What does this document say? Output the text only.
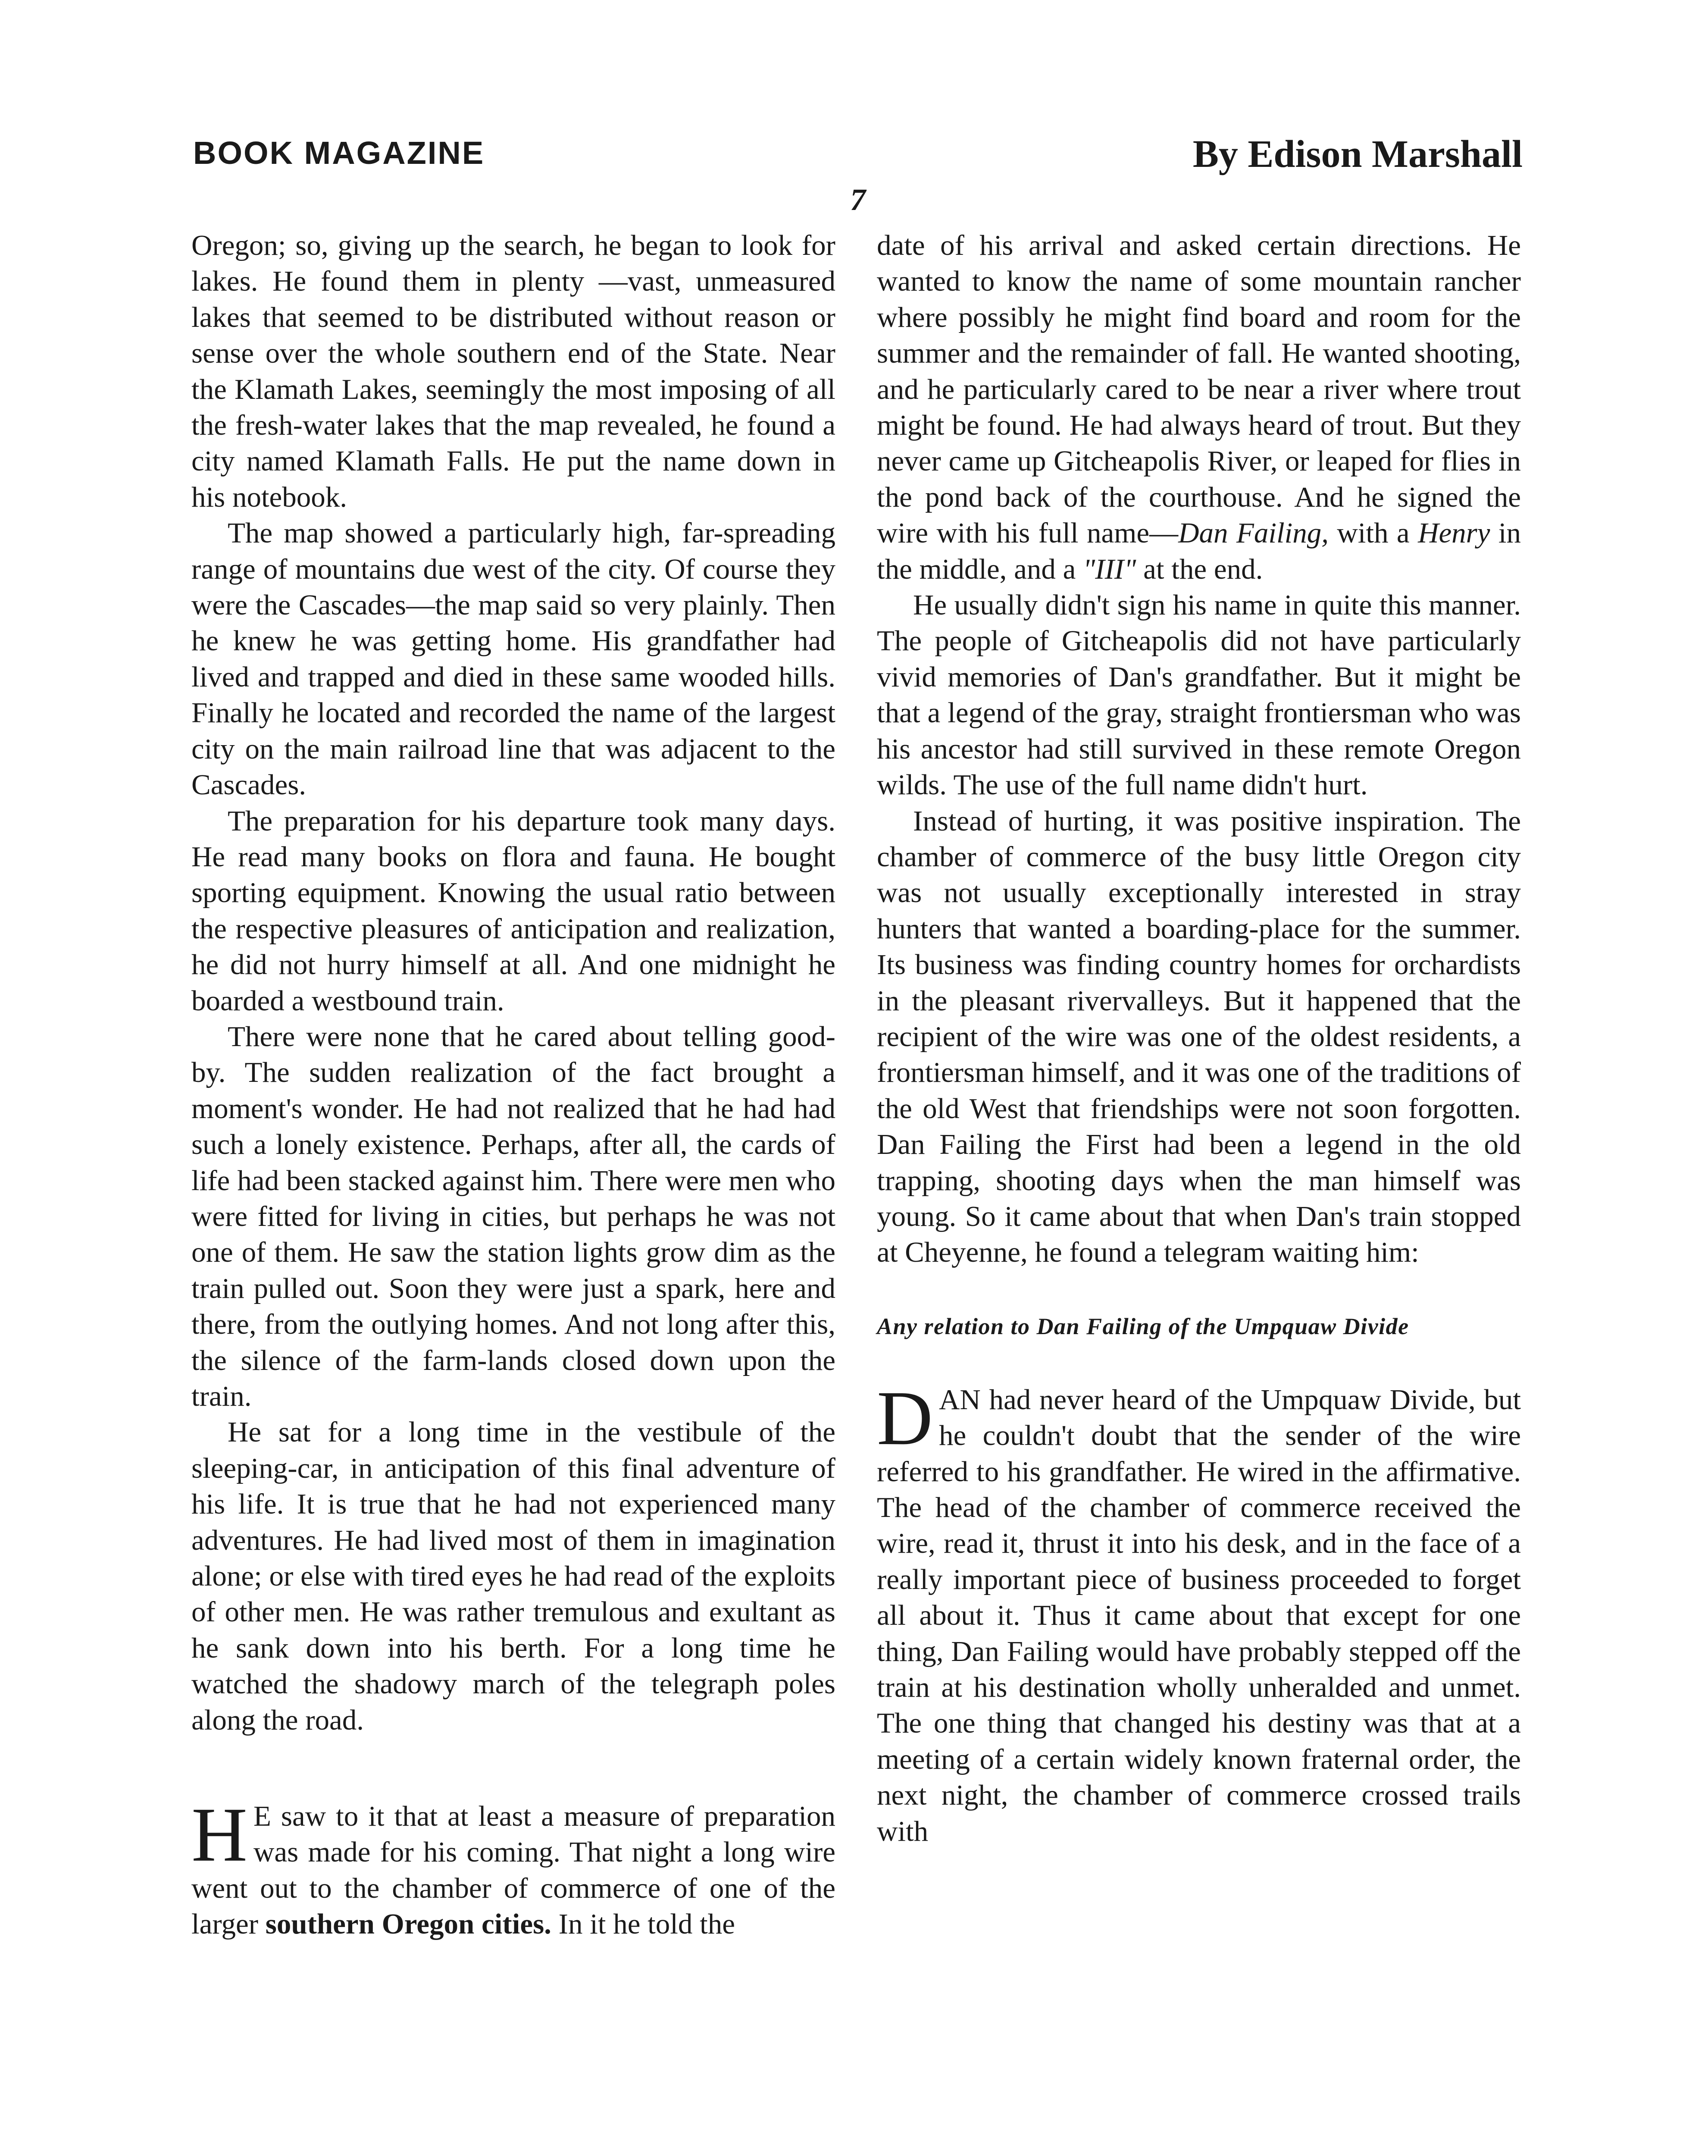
BOOK MAGAZINE	By Edison Marshall
7

Oregon; so, giving up the search, he began to look for lakes. He found them in plenty —vast, unmeasured lakes that seemed to be distributed without reason or sense over the whole southern end of the State. Near the Klamath Lakes, seemingly the most imposing of all the fresh-water lakes that the map revealed, he found a city named Klamath Falls. He put the name down in his notebook.

The map showed a particularly high, far-spreading range of mountains due west of the city. Of course they were the Cascades—the map said so very plainly. Then he knew he was getting home. His grandfather had lived and trapped and died in these same wooded hills. Finally he located and recorded the name of the largest city on the main railroad line that was adjacent to the Cascades.

The preparation for his departure took many days. He read many books on flora and fauna. He bought sporting equipment. Knowing the usual ratio between the respective pleasures of anticipation and realization, he did not hurry himself at all. And one midnight he boarded a westbound train.

There were none that he cared about telling good-by. The sudden realization of the fact brought a moment's wonder. He had not realized that he had had such a lonely existence. Perhaps, after all, the cards of life had been stacked against him. There were men who were fitted for living in cities, but perhaps he was not one of them. He saw the station lights grow dim as the train pulled out. Soon they were just a spark, here and there, from the outlying homes. And not long after this, the silence of the farm-lands closed down upon the train.

He sat for a long time in the vestibule of the sleeping-car, in anticipation of this final adventure of his life. It is true that he had not experienced many adventures. He had lived most of them in imagination alone; or else with tired eyes he had read of the exploits of other men. He was rather tremulous and exultant as he sank down into his berth. For a long time he watched the shadowy march of the telegraph poles along the road.

H E saw to it that at least a measure of preparation was made for his coming. That night a long wire went out to the chamber of commerce of one of the larger southern Oregon cities. In it he told the

date of his arrival and asked certain directions. He wanted to know the name of some mountain rancher where possibly he might find board and room for the summer and the remainder of fall. He wanted shooting, and he particularly cared to be near a river where trout might be found. He had always heard of trout. But they never came up Gitcheapolis River, or leaped for flies in the pond back of the courthouse. And he signed the wire with his full name—Dan Failing, with a Henry in the middle, and a "III" at the end.

He usually didn't sign his name in quite this manner. The people of Gitcheapolis did not have particularly vivid memories of Dan's grandfather. But it might be that a legend of the gray, straight frontiersman who was his ancestor had still survived in these remote Oregon wilds. The use of the full name didn't hurt.

Instead of hurting, it was positive inspiration. The chamber of commerce of the busy little Oregon city was not usually exceptionally interested in stray hunters that wanted a boarding-place for the summer. Its business was finding country homes for orchardists in the pleasant rivervalleys. But it happened that the recipient of the wire was one of the oldest residents, a frontiersman himself, and it was one of the traditions of the old West that friendships were not soon forgotten. Dan Failing the First had been a legend in the old trapping, shooting days when the man himself was young. So it came about that when Dan's train stopped at Cheyenne, he found a telegram waiting him:

Any relation to Dan Failing of the Umpquaw Divide

DAN had never heard of the Umpquaw Divide, but he couldn't doubt that the sender of the wire referred to his grandfather. He wired in the affirmative. The head of the chamber of commerce received the wire, read it, thrust it into his desk, and in the face of a really important piece of business proceeded to forget all about it. Thus it came about that except for one thing, Dan Failing would have probably stepped off the train at his destination wholly unheralded and unmet. The one thing that changed his destiny was that at a meeting of a certain widely known fraternal order, the next night, the chamber of commerce crossed trails with
